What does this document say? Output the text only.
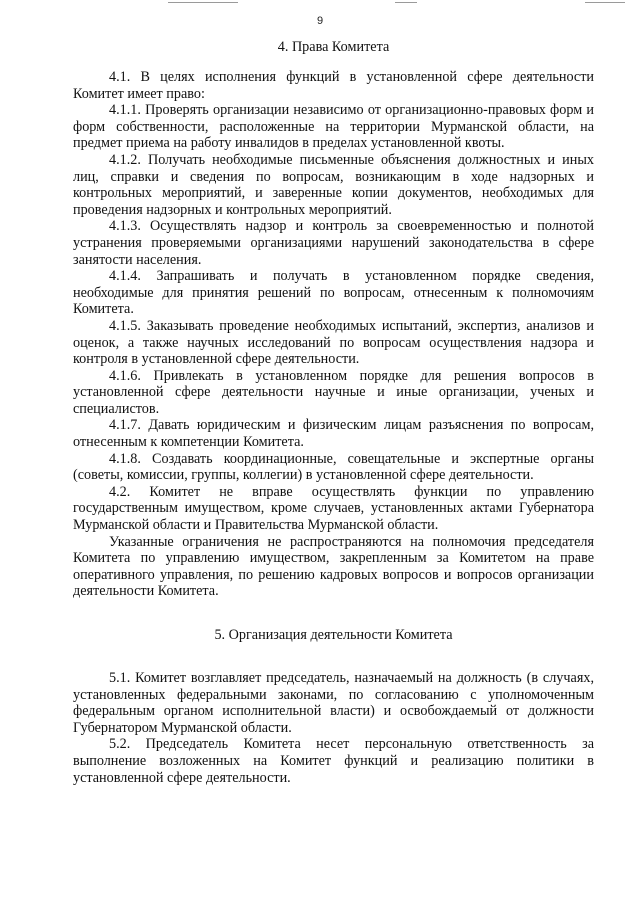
9
4. Права Комитета

4.1. В целях исполнения функций в установленной сфере деятельности Комитет имеет право:

4.1.1. Проверять организации независимо от организационно-правовых форм и форм собственности, расположенные на территории Мурманской области, на предмет приема на работу инвалидов в пределах установленной квоты.

4.1.2. Получать необходимые письменные объяснения должностных и иных лиц, справки и сведения по вопросам, возникающим в ходе надзорных и контрольных мероприятий, и заверенные копии документов, необходимых для проведения надзорных и контрольных мероприятий.

4.1.3. Осуществлять надзор и контроль за своевременностью и полнотой устранения проверяемыми организациями нарушений законодательства в сфере занятости населения.

4.1.4. Запрашивать и получать в установленном порядке сведения, необходимые для принятия решений по вопросам, отнесенным к полномочиям Комитета.

4.1.5. Заказывать проведение необходимых испытаний, экспертиз, анализов и оценок, а также научных исследований по вопросам осуществления надзора и контроля в установленной сфере деятельности.

4.1.6. Привлекать в установленном порядке для решения вопросов в установленной сфере деятельности научные и иные организации, ученых и специалистов.

4.1.7. Давать юридическим и физическим лицам разъяснения по вопросам, отнесенным к компетенции Комитета.

4.1.8. Создавать координационные, совещательные и экспертные органы (советы, комиссии, группы, коллегии) в установленной сфере деятельности.

4.2. Комитет не вправе осуществлять функции по управлению государственным имуществом, кроме случаев, установленных актами Губернатора Мурманской области и Правительства Мурманской области.

Указанные ограничения не распространяются на полномочия председателя Комитета по управлению имуществом, закрепленным за Комитетом на праве оперативного управления, по решению кадровых вопросов и вопросов организации деятельности Комитета.

5. Организация деятельности Комитета

5.1. Комитет возглавляет председатель, назначаемый на должность (в случаях, установленных федеральными законами, по согласованию с уполномоченным федеральным органом исполнительной власти) и освобождаемый от должности Губернатором Мурманской области.

5.2. Председатель Комитета несет персональную ответственность за выполнение возложенных на Комитет функций и реализацию политики в установленной сфере деятельности.
